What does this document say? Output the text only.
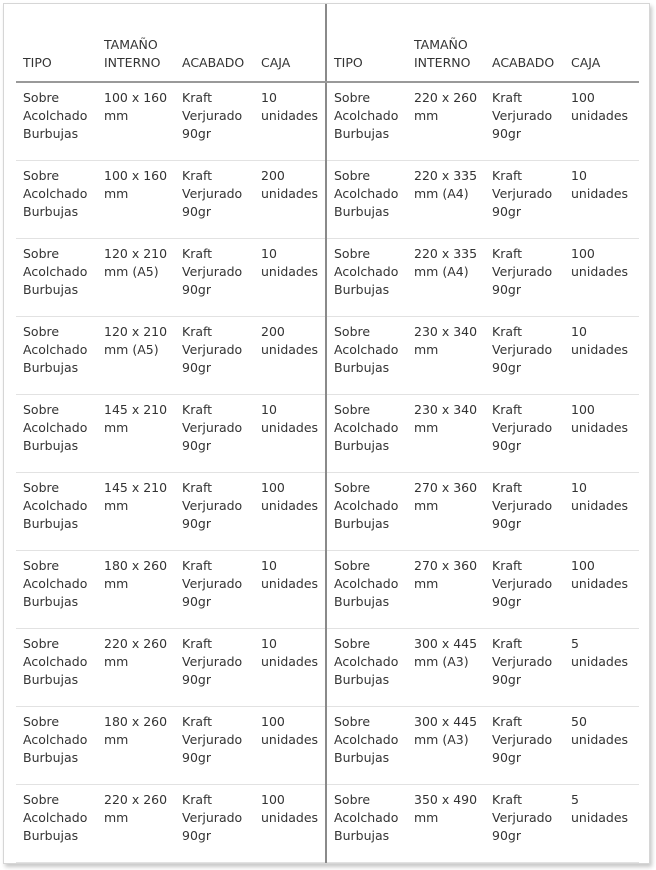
TIPO	TAMAÑO INTERNO	ACABADO	CAJA	TIPO	TAMAÑO INTERNO	ACABADO	CAJA
Sobre Acolchado Burbujas	100 x 160 mm	Kraft Verjurado 90gr	10 unidades	Sobre Acolchado Burbujas	220 x 260 mm	Kraft Verjurado 90gr	100 unidades
Sobre Acolchado Burbujas	100 x 160 mm	Kraft Verjurado 90gr	200 unidades	Sobre Acolchado Burbujas	220 x 335 mm (A4)	Kraft Verjurado 90gr	10 unidades
Sobre Acolchado Burbujas	120 x 210 mm (A5)	Kraft Verjurado 90gr	10 unidades	Sobre Acolchado Burbujas	220 x 335 mm (A4)	Kraft Verjurado 90gr	100 unidades
Sobre Acolchado Burbujas	120 x 210 mm (A5)	Kraft Verjurado 90gr	200 unidades	Sobre Acolchado Burbujas	230 x 340 mm	Kraft Verjurado 90gr	10 unidades
Sobre Acolchado Burbujas	145 x 210 mm	Kraft Verjurado 90gr	10 unidades	Sobre Acolchado Burbujas	230 x 340 mm	Kraft Verjurado 90gr	100 unidades
Sobre Acolchado Burbujas	145 x 210 mm	Kraft Verjurado 90gr	100 unidades	Sobre Acolchado Burbujas	270 x 360 mm	Kraft Verjurado 90gr	10 unidades
Sobre Acolchado Burbujas	180 x 260 mm	Kraft Verjurado 90gr	10 unidades	Sobre Acolchado Burbujas	270 x 360 mm	Kraft Verjurado 90gr	100 unidades
Sobre Acolchado Burbujas	220 x 260 mm	Kraft Verjurado 90gr	10 unidades	Sobre Acolchado Burbujas	300 x 445 mm (A3)	Kraft Verjurado 90gr	5 unidades
Sobre Acolchado Burbujas	180 x 260 mm	Kraft Verjurado 90gr	100 unidades	Sobre Acolchado Burbujas	300 x 445 mm (A3)	Kraft Verjurado 90gr	50 unidades
Sobre Acolchado Burbujas	220 x 260 mm	Kraft Verjurado 90gr	100 unidades	Sobre Acolchado Burbujas	350 x 490 mm	Kraft Verjurado 90gr	5 unidades
